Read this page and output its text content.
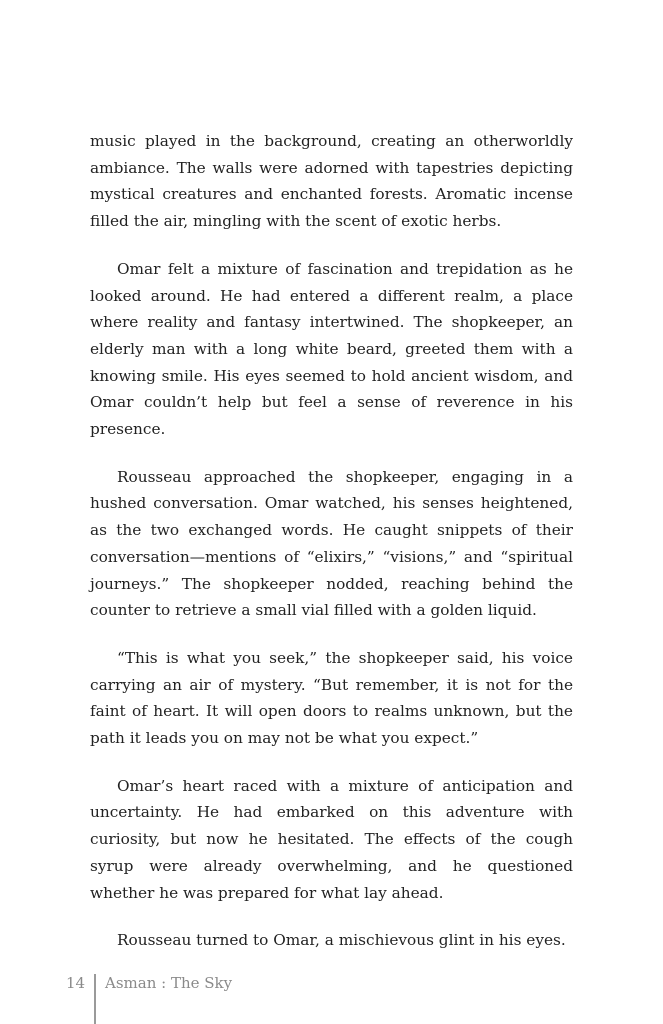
music played in the background, creating an otherworldly ambiance. The walls were adorned with tapestries depicting mystical creatures and enchanted forests. Aromatic incense filled the air, mingling with the scent of exotic herbs.

Omar felt a mixture of fascination and trepidation as he looked around. He had entered a different realm, a place where reality and fantasy intertwined. The shopkeeper, an elderly man with a long white beard, greeted them with a knowing smile. His eyes seemed to hold ancient wisdom, and Omar couldn’t help but feel a sense of reverence in his presence.

Rousseau approached the shopkeeper, engaging in a hushed conversation. Omar watched, his senses heightened, as the two exchanged words. He caught snippets of their conversation—mentions of “elixirs,” “visions,” and “spiritual journeys.” The shopkeeper nodded, reaching behind the counter to retrieve a small vial filled with a golden liquid.

“This is what you seek,” the shopkeeper said, his voice carrying an air of mystery. “But remember, it is not for the faint of heart. It will open doors to realms unknown, but the path it leads you on may not be what you expect.”

Omar’s heart raced with a mixture of anticipation and uncertainty. He had embarked on this adventure with curiosity, but now he hesitated. The effects of the cough syrup were already overwhelming, and he questioned whether he was prepared for what lay ahead.

Rousseau turned to Omar, a mischievous glint in his eyes.

14 Asman : The Sky
